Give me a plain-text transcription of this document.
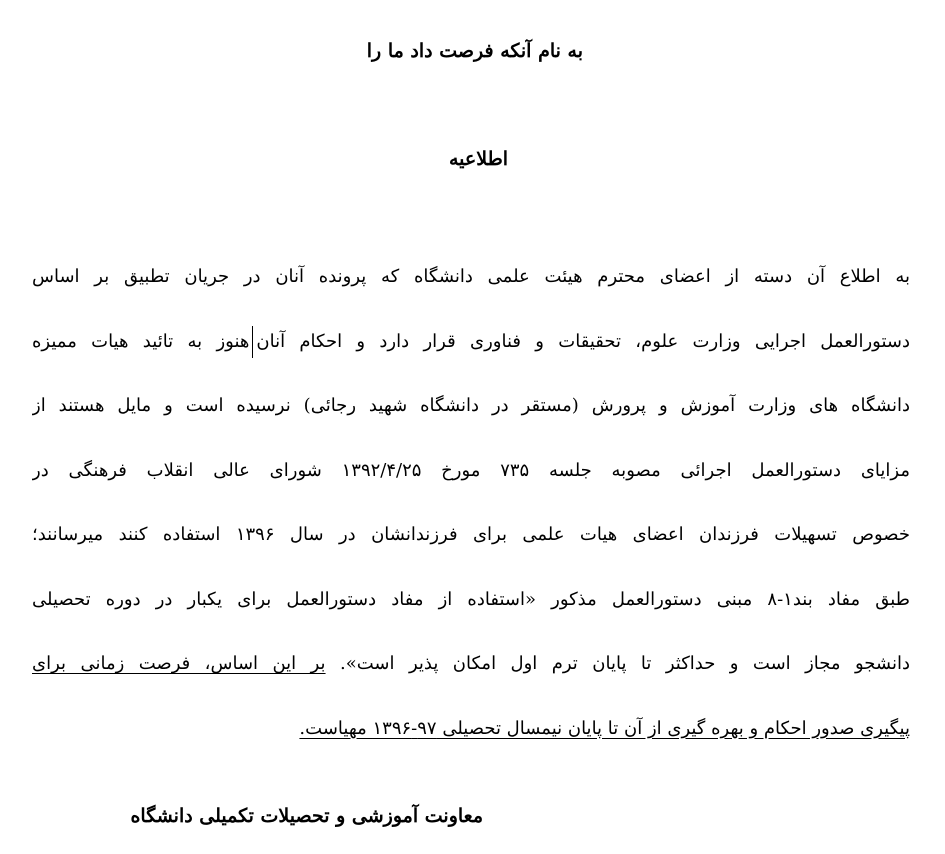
به نام آنکه فرصت داد ما را
اطلاعیه
به اطلاع آن دسته از اعضای محترم هیئت علمی دانشگاه که پرونده آنان در جریان تطبیق بر اساس
دستورالعمل اجرایی وزارت علوم، تحقیقات و فناوری قرار دارد و احکام آنانهنوز به تائید هیات ممیزه
دانشگاه های وزارت آموزش و پرورش (مستقر در دانشگاه شهید رجائی) نرسیده است و مایل هستند از
مزایای دستورالعمل اجرائی مصوبه جلسه ۷۳۵ مورخ ۱۳۹۲/۴/۲۵ شورای عالی انقلاب فرهنگی در
خصوص تسهیلات فرزندان اعضای هیات علمی برای فرزندانشان در سال ۱۳۹۶ استفاده کنند میرسانند؛
طبق مفاد بند۱-۸ مبنی دستورالعمل مذکور «استفاده از مفاد دستورالعمل برای یکبار در دوره تحصیلی
دانشجو مجاز است و حداکثر تا پایان ترم اول امکان پذیر است». بر این اساس، فرصت زمانی برای
پیگیری صدور احکام و بهره گیری از آن تا پایان نیمسال تحصیلی ۹۷-۱۳۹۶ مهیاست.
معاونت آموزشی و تحصیلات تکمیلی دانشگاه
